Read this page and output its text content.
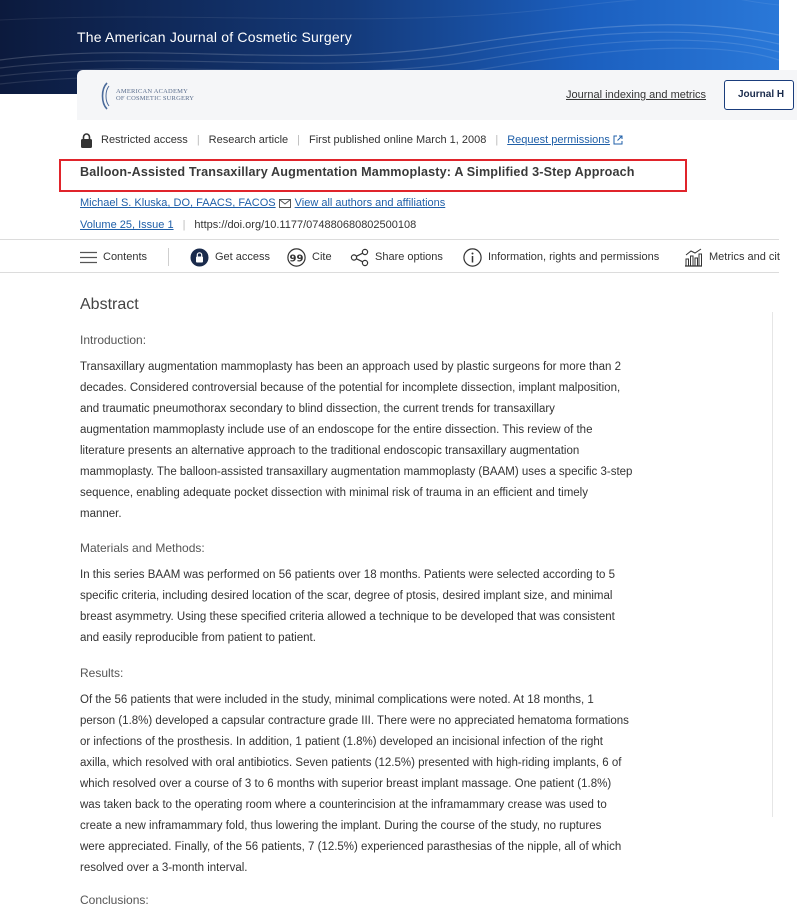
The American Journal of Cosmetic Surgery
AMERICAN ACADEMY
OF COSMETIC SURGERY	Journal indexing and metrics	Journal H
Restricted access | Research article | First published online March 1, 2008 | Request permissions
Balloon-Assisted Transaxillary Augmentation Mammoplasty: A Simplified 3-Step Approach
Michael S. Kluska, DO, FAACS, FACOS View all authors and affiliations
Volume 25, Issue 1 | https://doi.org/10.1177/074880680802500108
Contents	Get access 99 Cite	Share options	Information, rights and permissions	Metrics and cit
Abstract
Introduction:
Transaxillary augmentation mammoplasty has been an approach used by plastic surgeons for more than 2
decades. Considered controversial because of the potential for incomplete dissection, implant malposition,
and traumatic pneumothorax secondary to blind dissection, the current trends for transaxillary
augmentation mammoplasty include use of an endoscope for the entire dissection. This review of the
literature presents an alternative approach to the traditional endoscopic transaxillary augmentation
mammoplasty. The balloon-assisted transaxillary augmentation mammoplasty (BAAM) uses a specific 3-step
sequence, enabling adequate pocket dissection with minimal risk of trauma in an efficient and timely
manner.
Materials and Methods:
In this series BAAM was performed on 56 patients over 18 months. Patients were selected according to 5
specific criteria, including desired location of the scar, degree of ptosis, desired implant size, and minimal
breast asymmetry. Using these specified criteria allowed a technique to be developed that was consistent
and easily reproducible from patient to patient.
Results:
Of the 56 patients that were included in the study, minimal complications were noted. At 18 months, 1
person (1.8%) developed a capsular contracture grade III. There were no appreciated hematoma formations
or infections of the prosthesis. In addition, 1 patient (1.8%) developed an incisional infection of the right
axilla, which resolved with oral antibiotics. Seven patients (12.5%) presented with high-riding implants, 6 of
which resolved over a course of 3 to 6 months with superior breast implant massage. One patient (1.8%)
was taken back to the operating room where a counterincision at the inframammary crease was used to
create a new inframammary fold, thus lowering the implant. During the course of the study, no ruptures
were appreciated. Finally, of the 56 patients, 7 (12.5%) experienced parasthesias of the nipple, all of which
resolved over a 3-month interval.
Conclusions:
